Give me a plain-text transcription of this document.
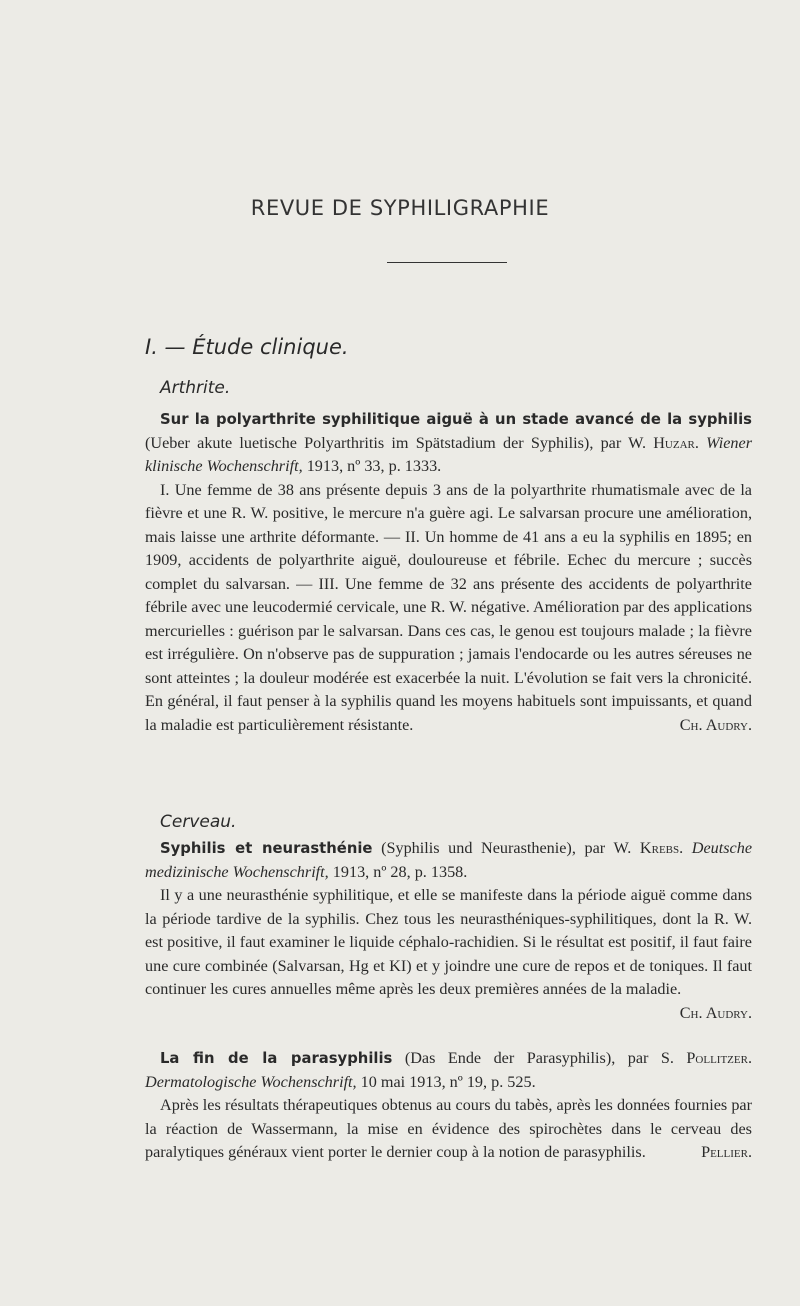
REVUE DE SYPHILIGRAPHIE
I. — Étude clinique.
Arthrite.

Sur la polyarthrite syphilitique aiguë à un stade avancé de la syphilis (Ueber akute luetische Polyarthritis im Spätstadium der Syphilis), par W. Huzar. Wiener klinische Wochenschrift, 1913, nº 33, p. 1333.

I. Une femme de 38 ans présente depuis 3 ans de la polyarthrite rhumatismale avec de la fièvre et une R. W. positive, le mercure n'a guère agi. Le salvarsan procure une amélioration, mais laisse une arthrite déformante. — II. Un homme de 41 ans a eu la syphilis en 1895; en 1909, accidents de polyarthrite aiguë, douloureuse et fébrile. Echec du mercure ; succès complet du salvarsan. — III. Une femme de 32 ans présente des accidents de polyarthrite fébrile avec une leucodermié cervicale, une R. W. négative. Amélioration par des applications mercurielles : guérison par le salvarsan. Dans ces cas, le genou est toujours malade ; la fièvre est irrégulière. On n'observe pas de suppuration ; jamais l'endocarde ou les autres séreuses ne sont atteintes ; la douleur modérée est exacerbée la nuit. L'évolution se fait vers la chronicité. En général, il faut penser à la syphilis quand les moyens habituels sont impuissants, et quand la maladie est particulièrement résistante.	Ch. Audry.

Cerveau.

Syphilis et neurasthénie (Syphilis und Neurasthenie), par W. Krebs. Deutsche medizinische Wochenschrift, 1913, nº 28, p. 1358.

Il y a une neurasthénie syphilitique, et elle se manifeste dans la période aiguë comme dans la période tardive de la syphilis. Chez tous les neurasthéniques-syphilitiques, dont la R. W. est positive, il faut examiner le liquide céphalo-rachidien. Si le résultat est positif, il faut faire une cure combinée (Salvarsan, Hg et KI) et y joindre une cure de repos et de toniques. Il faut continuer les cures annuelles même après les deux premières années de la maladie.
Ch. Audry.

La fin de la parasyphilis (Das Ende der Parasyphilis), par S. Pollitzer. Dermatologische Wochenschrift, 10 mai 1913, nº 19, p. 525.

Après les résultats thérapeutiques obtenus au cours du tabès, après les données fournies par la réaction de Wassermann, la mise en évidence des spirochètes dans le cerveau des paralytiques généraux vient porter le dernier coup à la notion de parasyphilis.	Pellier.
